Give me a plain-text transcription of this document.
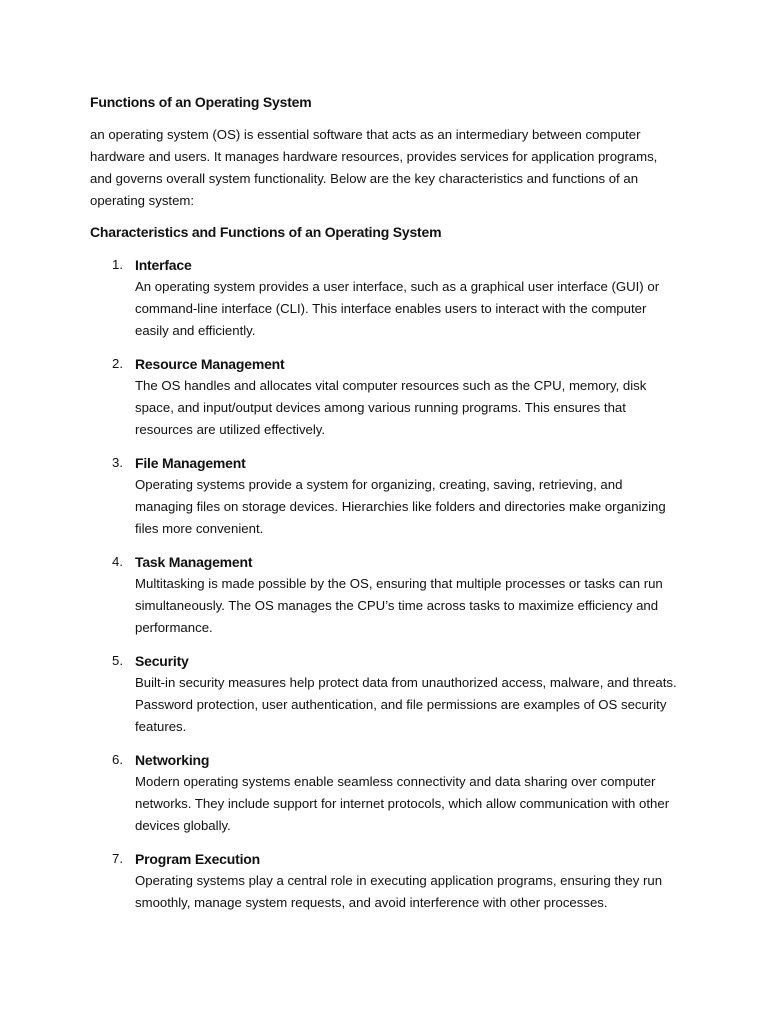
Functions of an Operating System

an operating system (OS) is essential software that acts as an intermediary between computer hardware and users. It manages hardware resources, provides services for application programs, and governs overall system functionality. Below are the key characteristics and functions of an operating system:

Characteristics and Functions of an Operating System
1. Interface
An operating system provides a user interface, such as a graphical user interface (GUI) or command-line interface (CLI). This interface enables users to interact with the computer easily and efficiently.
2. Resource Management
The OS handles and allocates vital computer resources such as the CPU, memory, disk space, and input/output devices among various running programs. This ensures that resources are utilized effectively.
3. File Management
Operating systems provide a system for organizing, creating, saving, retrieving, and managing files on storage devices. Hierarchies like folders and directories make organizing files more convenient.
4. Task Management
Multitasking is made possible by the OS, ensuring that multiple processes or tasks can run simultaneously. The OS manages the CPU’s time across tasks to maximize efficiency and performance.
5. Security
Built-in security measures help protect data from unauthorized access, malware, and threats. Password protection, user authentication, and file permissions are examples of OS security features.
6. Networking
Modern operating systems enable seamless connectivity and data sharing over computer networks. They include support for internet protocols, which allow communication with other devices globally.
7. Program Execution
Operating systems play a central role in executing application programs, ensuring they run smoothly, manage system requests, and avoid interference with other processes.
